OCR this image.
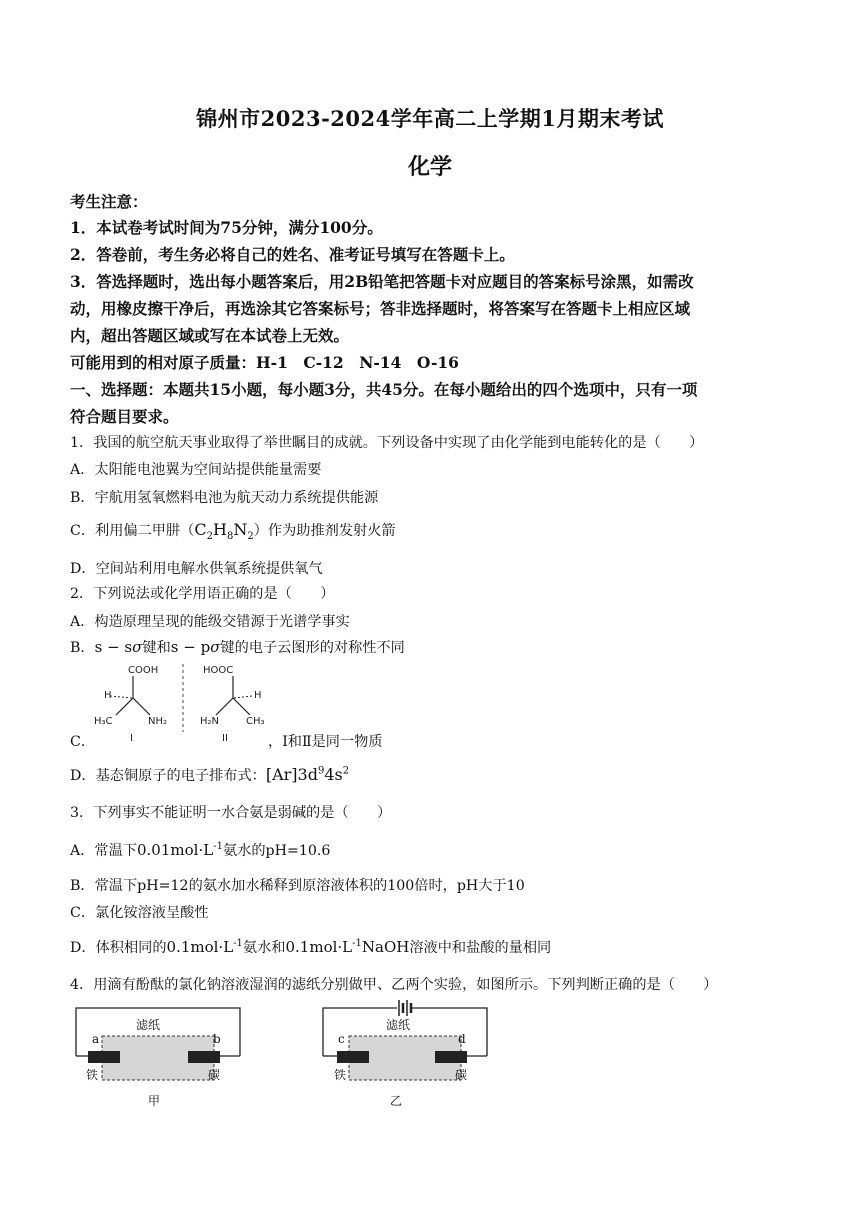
锦州市2023-2024学年高二上学期1月期末考试
化学
考生注意：
1．本试卷考试时间为75分钟，满分100分。
2．答卷前，考生务必将自己的姓名、准考证号填写在答题卡上。
3．答选择题时，选出每小题答案后，用2B铅笔把答题卡对应题目的答案标号涂黑，如需改
动，用橡皮擦干净后，再选涂其它答案标号；答非选择题时，将答案写在答题卡上相应区域
内，超出答题区域或写在本试卷上无效。
可能用到的相对原子质量：H-1　C-12　N-14　O-16
一、选择题：本题共15小题，每小题3分，共45分。在每小题给出的四个选项中，只有一项
符合题目要求。
1．我国的航空航天事业取得了举世瞩目的成就。下列设备中实现了由化学能到电能转化的是（　　）
A．太阳能电池翼为空间站提供能量需要
B．宇航用氢氧燃料电池为航天动力系统提供能源
C．利用偏二甲肼$(C_2H_8N_2)$作为助推剂发射火箭
D．空间站利用电解水供氧系统提供氧气
2．下列说法或化学用语正确的是（　　）
A．构造原理呈现的能级交错源于光谱学事实
B．s − sσ键和s − pσ键的电子云图形的对称性不同
COOH
H
H₃C	NH₂
I
HOOC
H
H₂N	CH₃
II
C．	，Ⅰ和Ⅱ是同一物质
D．基态铜原子的电子排布式：$[Ar]3d^94s^2$
3．下列事实不能证明一水合氨是弱碱的是（　　）
A．常温下$0.01mol\cdot L^{-1}$氨水的pH=10.6
B．常温下pH=12的氨水加水稀释到原溶液体积的100倍时，pH大于10
C．氯化铵溶液呈酸性
D．体积相同的$0.1mol\cdot L^{-1}$氨水和$0.1mol\cdot L^{-1}NaOH$溶液中和盐酸的量相同
4．用滴有酚酞的氯化钠溶液湿润的滤纸分别做甲、乙两个实验，如图所示。下列判断正确的是（　　）
滤纸
a	b
铁	碳
甲
滤纸
c	d
铁	碳
乙
